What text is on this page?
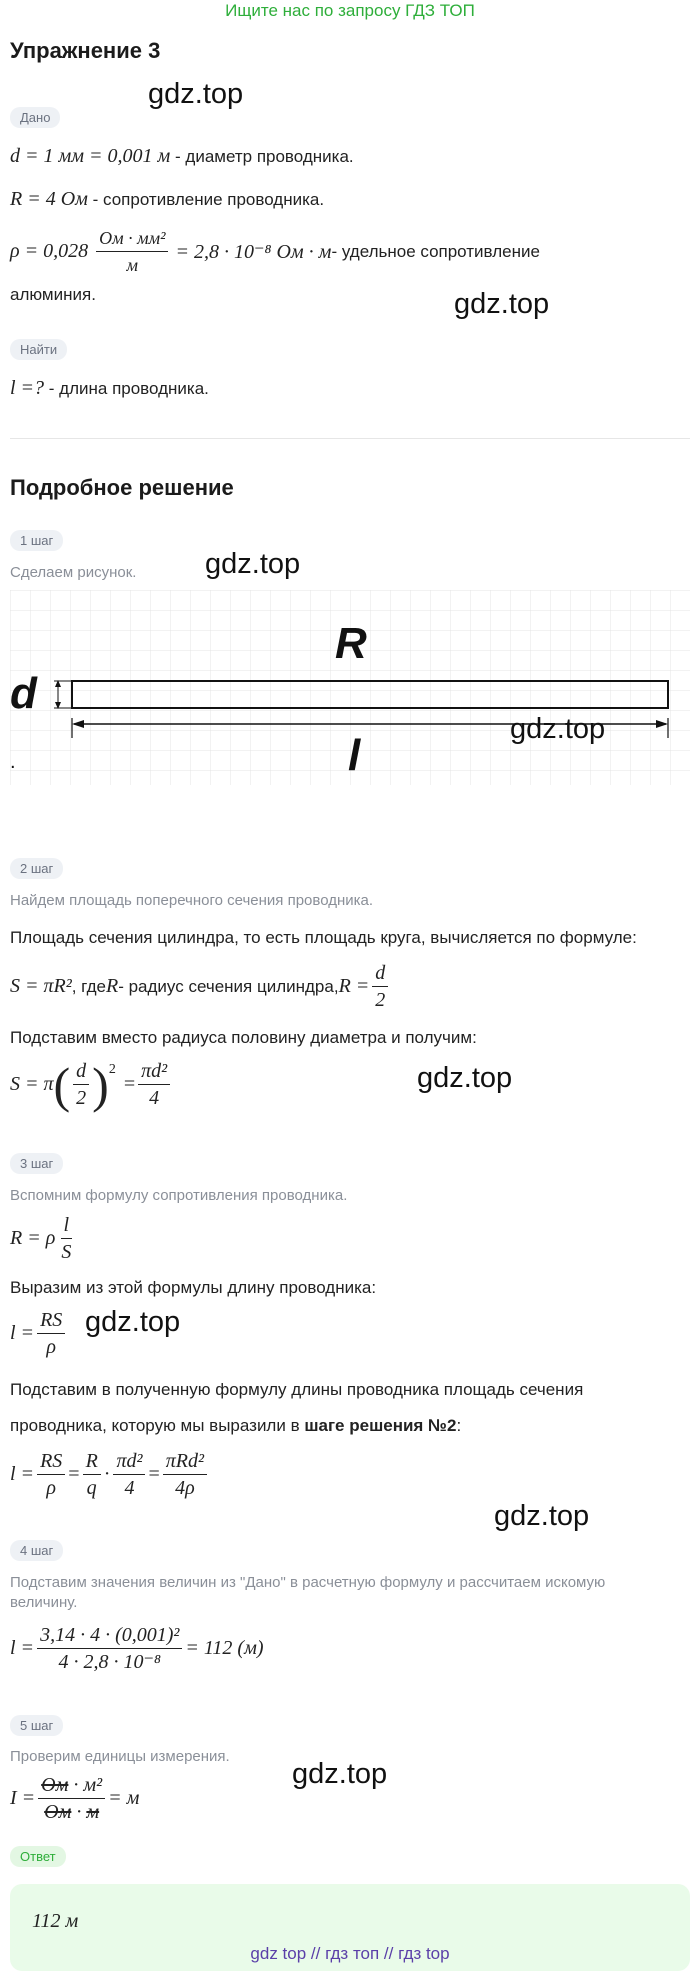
Ищите нас по запросу ГДЗ ТОП
Упражнение 3
gdz.top
Дано
d = 1 мм = 0,001 м - диаметр проводника.
R = 4 Ом - сопротивление проводника.
$\rho = 0,028 \frac{\text{Ом · мм²}}{м} = 2,8 \cdot 10^{-8}$ Ом · м - удельное сопротивление
алюминия.	gdz.top
Найти
l =? - длина проводника.
Подробное решение
1 шаг
Сделаем рисунок. gdz.top
R
d
l
.
gdz.top
2 шаг
Найдем площадь поперечного сечения проводника.
Площадь сечения цилиндра, то есть площадь круга, вычисляется по формуле:
S = πR² , где R - радиус сечения цилиндра, $R = \frac{d}{2}$
Подставим вместо радиуса половину диаметра и получим:
S = π ( $\frac{d}{2} )^2$
= $\frac{\text{πd²}}{4}$	gdz.top
3 шаг
Вспомним формулу сопротивления проводника.
R = ρ $\frac{l}{S}$
Выразим из этой формулы длину проводника:
$l = \frac{RS}{\rho} gdz.top$
Подставим в полученную формулу длины проводника площадь сечения
проводника, которую мы выразили в шаге решения №2:
$l = \frac{RS}{\rho} = \frac{R}{q} \cdot \frac{\text{πd²}}{4} = \frac{\text{πRd²}}{4\rho}$
gdz.top
4 шаг
Подставим значения величин из "Дано" в расчетную формулу и рассчитаем искомую
величину.
$l = \frac{\text{3,14 · 4 · (0,001)²}}{\text{4 · 2,8 · 10⁻⁸}} = 112$ (м)
5 шаг
Проверим единицы измерения.
gdz.top
$I = \frac{\text{Ом · м²}}{Ом \cdot м} = м$
Ответ
112 м
gdz top // гдз топ // гдз top
